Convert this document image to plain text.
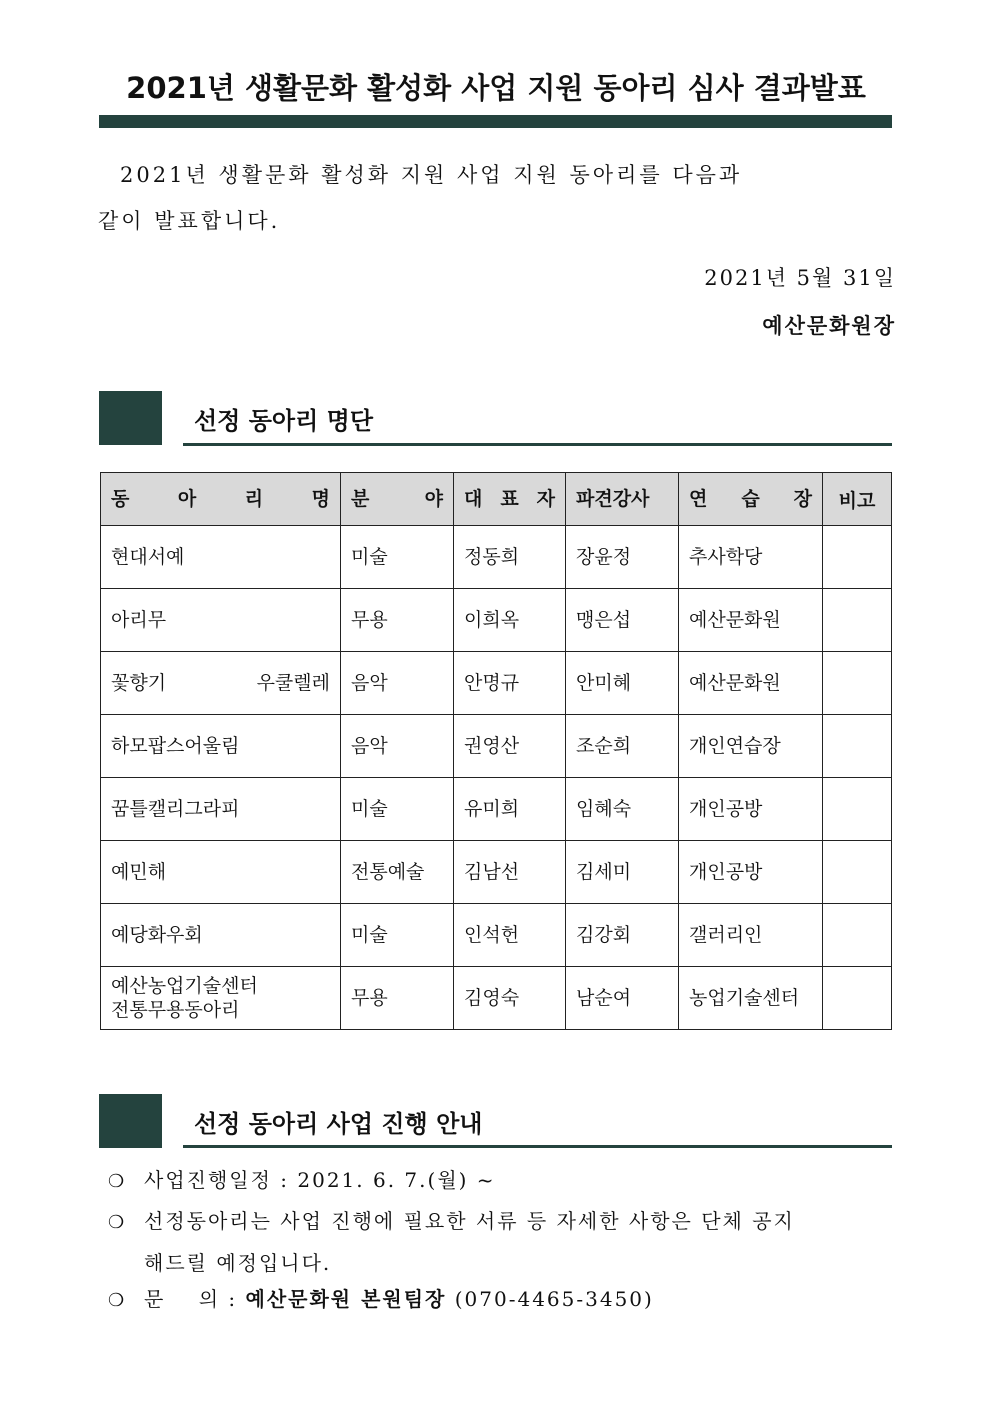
2021년 생활문화 활성화 사업 지원 동아리 심사 결과발표
2021년 생활문화 활성화 지원 사업 지원 동아리를 다음과
같이 발표합니다.
2021년 5월 31일
예산문화원장
선정 동아리 명단
동 아 리 명	분 야	대 표 자	파견강사	연 습 장	비고
현대서예	미술	정동희	장윤정	추사학당	
아리무	무용	이희옥	맹은섭	예산문화원	
꽃향기 우쿨렐레	음악	안명규	안미혜	예산문화원	
하모팝스어울림	음악	권영산	조순희	개인연습장	
꿈틀캘리그라피	미술	유미희	임혜숙	개인공방	
예민해	전통예술	김남선	김세미	개인공방	
예당화우회	미술	인석헌	김강회	갤러리인	

예산농업기술센터
전통무용동아리	무용	김영숙	남순여	농업기술센터	
선정 동아리 사업 진행 안내
❍ 사업진행일정 : 2021. 6. 7.(월) ~
❍ 선정동아리는 사업 진행에 필요한 서류 등 자세한 사항은 단체 공지
해드릴 예정입니다.
❍ 문    의 : 예산문화원 본원팀장 (070-4465-3450)
